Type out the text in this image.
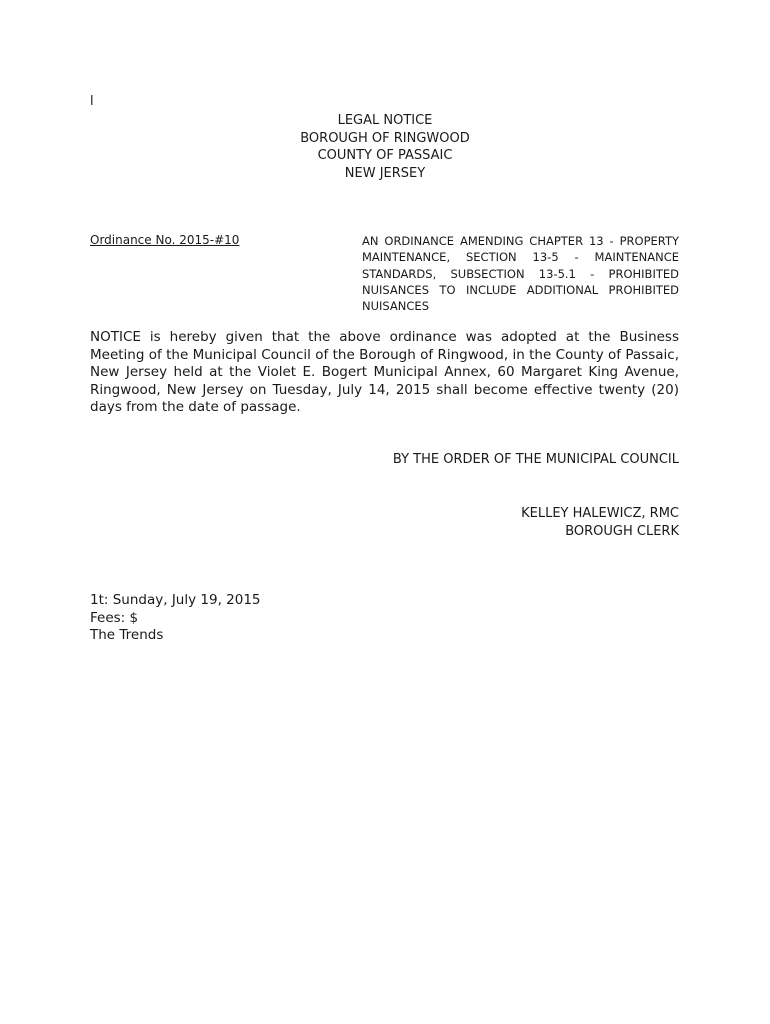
l
LEGAL NOTICE
BOROUGH OF RINGWOOD
COUNTY OF PASSAIC
NEW JERSEY
Ordinance No. 2015-#10	AN ORDINANCE AMENDING CHAPTER 13 - PROPERTY MAINTENANCE, SECTION 13-5 - MAINTENANCE STANDARDS, SUBSECTION 13-5.1 - PROHIBITED NUISANCES TO INCLUDE ADDITIONAL PROHIBITED NUISANCES
NOTICE is hereby given that the above ordinance was adopted at the Business Meeting of the Municipal Council of the Borough of Ringwood, in the County of Passaic, New Jersey held at the Violet E. Bogert Municipal Annex, 60 Margaret King Avenue, Ringwood, New Jersey on Tuesday, July 14, 2015 shall become effective twenty (20) days from the date of passage.
BY THE ORDER OF THE MUNICIPAL COUNCIL
KELLEY HALEWICZ, RMC
BOROUGH CLERK
1t: Sunday, July 19, 2015
Fees: $
The Trends
